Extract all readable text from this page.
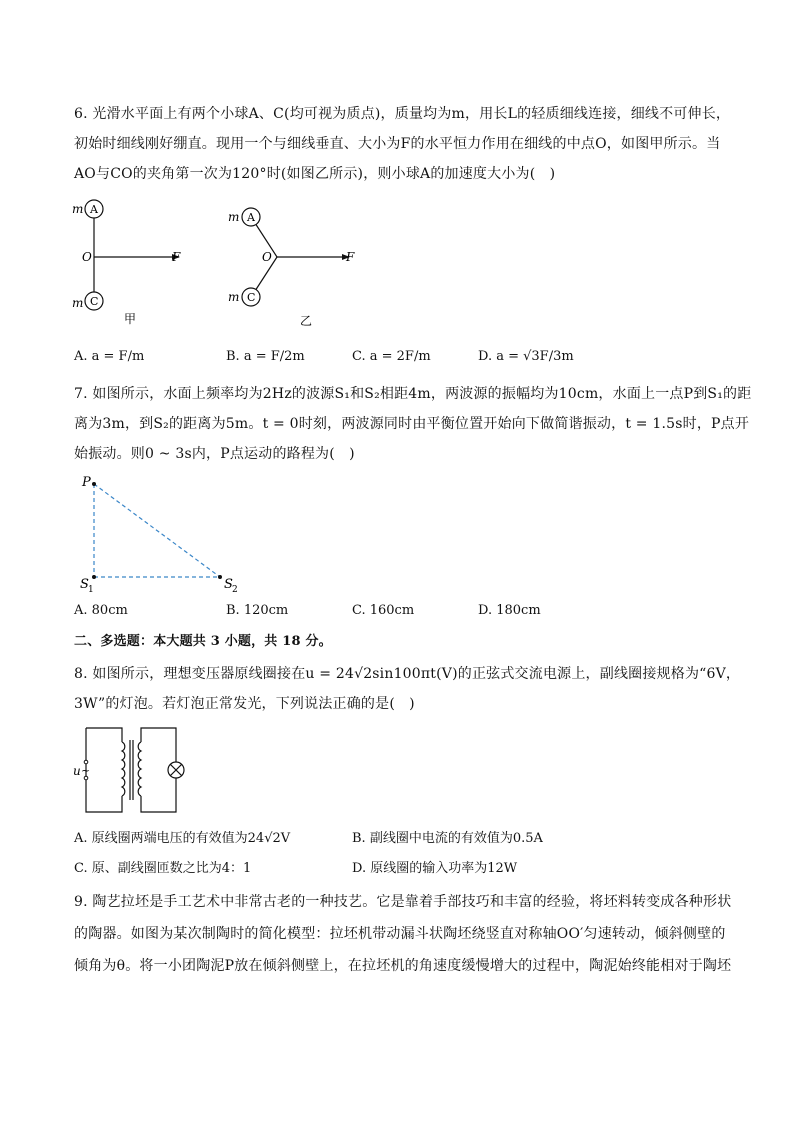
6. 光滑水平面上有两个小球A、C(均可视为质点)，质量均为m，用长L的轻质细线连接，细线不可伸长，
初始时细线刚好绷直。现用一个与细线垂直、大小为F的水平恒力作用在细线的中点O，如图甲所示。当
AO与CO的夹角第一次为120°时(如图乙所示)，则小球A的加速度大小为(　)
m A
O	F
m C
甲
m A
O	F
m C
乙
A. a = F/m	B. a = F/2m	C. a = 2F/m	D. a = √3F/3m
7. 如图所示，水面上频率均为2Hz的波源S₁和S₂相距4m，两波源的振幅均为10cm，水面上一点P到S₁的距
离为3m，到S₂的距离为5m。t = 0时刻，两波源同时由平衡位置开始向下做简谐振动，t = 1.5s时，P点开
始振动。则0 ~ 3s内，P点运动的路程为(　)
P
S 1	S 2
A. 80cm	B. 120cm	C. 160cm	D. 180cm
二、多选题：本大题共 3 小题，共 18 分。
8. 如图所示，理想变压器原线圈接在u = 24√2sin100πt(V)的正弦式交流电源上，副线圈接规格为“6V，
3W”的灯泡。若灯泡正常发光，下列说法正确的是(　)
u ~
A. 原线圈两端电压的有效值为24√2V	B. 副线圈中电流的有效值为0.5A
C. 原、副线圈匝数之比为4：1	D. 原线圈的输入功率为12W
9. 陶艺拉坯是手工艺术中非常古老的一种技艺。它是靠着手部技巧和丰富的经验，将坯料转变成各种形状
的陶器。如图为某次制陶时的简化模型：拉坯机带动漏斗状陶坯绕竖直对称轴OO′匀速转动，倾斜侧壁的
倾角为θ。将一小团陶泥P放在倾斜侧壁上，在拉坯机的角速度缓慢增大的过程中，陶泥始终能相对于陶坯
